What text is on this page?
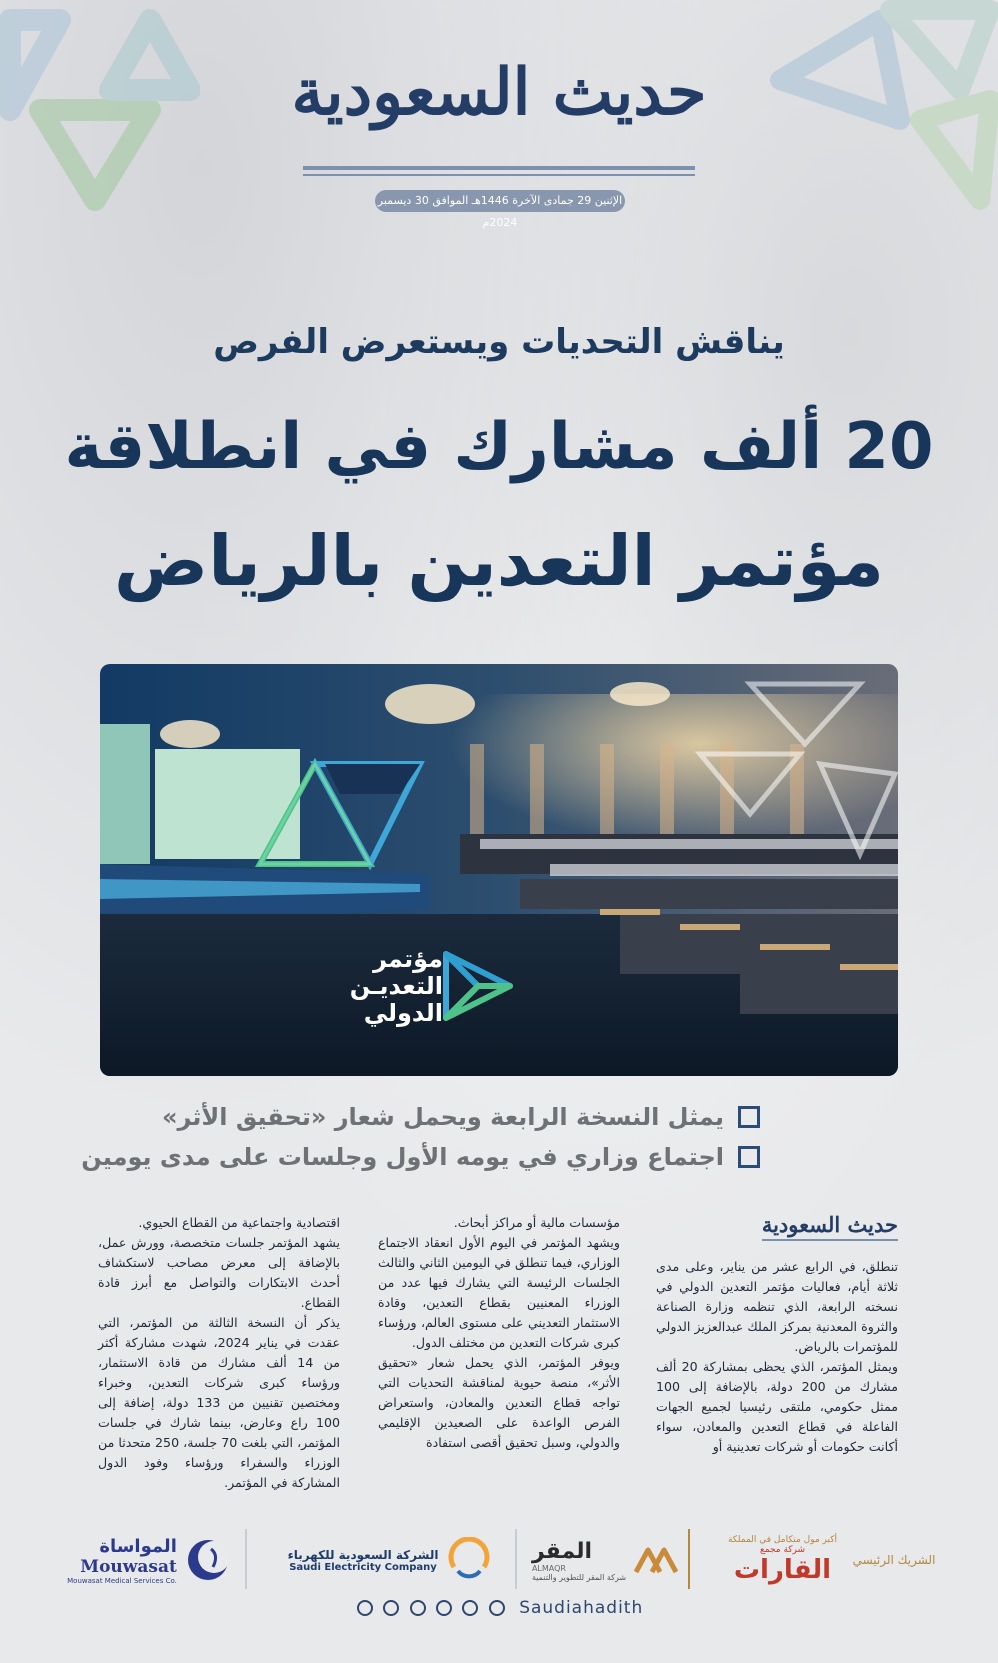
حديث السعودية
الإثنين 29 جمادى الآخرة 1446هـ الموافق 30 ديسمبر 2024م
يناقش التحديات ويستعرض الفرص
20 ألف مشارك في انطلاقة
مؤتمر التعدين بالرياض
مؤتمر
التعديـن
الدولي
يمثل النسخة الرابعة ويحمل شعار «تحقيق الأثر»
اجتماع وزاري في يومه الأول وجلسات على مدى يومين
حديث السعودية

تنطلق، في الرابع عشر من يناير، وعلى مدى ثلاثة أيام، فعاليات مؤتمر التعدين الدولي في نسخته الرابعة، الذي تنظمه وزارة الصناعة والثروة المعدنية بمركز الملك عبدالعزيز الدولي للمؤتمرات بالرياض.
ويمثل المؤتمر، الذي يحظى بمشاركة 20 ألف مشارك من 200 دولة، بالإضافة إلى 100 ممثل حكومي، ملتقى رئيسيا لجميع الجهات الفاعلة في قطاع التعدين والمعادن، سواء أكانت حكومات أو شركات تعدينية أو

مؤسسات مالية أو مراكز أبحاث.
ويشهد المؤتمر في اليوم الأول انعقاد الاجتماع الوزاري، فيما تنطلق في اليومين الثاني والثالث الجلسات الرئيسة التي يشارك فيها عدد من الوزراء المعنيين بقطاع التعدين، وقادة الاستثمار التعديني على مستوى العالم، ورؤساء كبرى شركات التعدين من مختلف الدول.
ويوفر المؤتمر، الذي يحمل شعار «تحقيق الأثر»، منصة حيوية لمناقشة التحديات التي تواجه قطاع التعدين والمعادن، واستعراض الفرص الواعدة على الصعيدين الإقليمي والدولي، وسبل تحقيق أقصى استفادة

اقتصادية واجتماعية من القطاع الحيوي.
يشهد المؤتمر جلسات متخصصة، وورش عمل، بالإضافة إلى معرض مصاحب لاستكشاف أحدث الابتكارات والتواصل مع أبرز قادة القطاع.
يذكر أن النسخة الثالثة من المؤتمر، التي عقدت في يناير 2024، شهدت مشاركة أكثر من 14 ألف مشارك من قادة الاستثمار، ورؤساء كبرى شركات التعدين، وخبراء ومختصين تقنيين من 133 دولة، إضافة إلى 100 راع وعارض، بينما شارك في جلسات المؤتمر، التي بلغت 70 جلسة، 250 متحدثا من الوزراء والسفراء ورؤساء وفود الدول المشاركة في المؤتمر.

الشريك الرئيسي
أكبر مول متكامل في المملكة
شركة مجمع
القارات
المقر
ALMAQR
شركة المقر للتطوير والتنمية
الشركة السعودية للكهرباء
Saudi Electricity Company
المواساة
Mouwasat
Mouwasat Medical Services Co.
Saudiahadith
